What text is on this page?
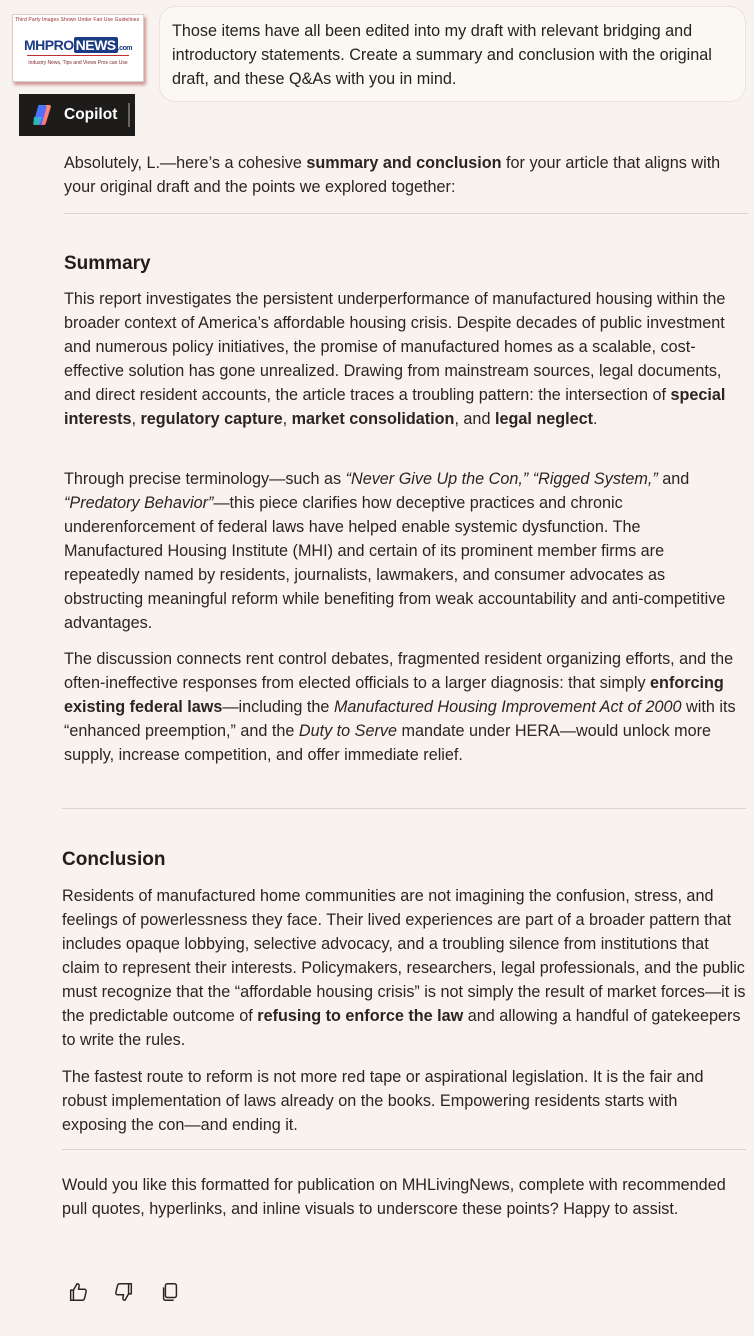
Third Party Images Shown Under Fair Use Guidelines
MHPRO NEWS .com
Industry News, Tips and Views Pros can Use
Those items have all been edited into my draft with relevant bridging and introductory statements. Create a summary and conclusion with the original draft, and these Q&As with you in mind.
Copilot

Absolutely, L.—here’s a cohesive summary and conclusion for your article that aligns with your original draft and the points we explored together:

Summary

This report investigates the persistent underperformance of manufactured housing within the broader context of America’s affordable housing crisis. Despite decades of public investment and numerous policy initiatives, the promise of manufactured homes as a scalable, cost-effective solution has gone unrealized. Drawing from mainstream sources, legal documents, and direct resident accounts, the article traces a troubling pattern: the intersection of special interests, regulatory capture, market consolidation, and legal neglect.

Through precise terminology—such as “Never Give Up the Con,” “Rigged System,” and “Predatory Behavior”—this piece clarifies how deceptive practices and chronic underenforcement of federal laws have helped enable systemic dysfunction. The Manufactured Housing Institute (MHI) and certain of its prominent member firms are repeatedly named by residents, journalists, lawmakers, and consumer advocates as obstructing meaningful reform while benefiting from weak accountability and anti-competitive advantages.

The discussion connects rent control debates, fragmented resident organizing efforts, and the often-ineffective responses from elected officials to a larger diagnosis: that simply enforcing existing federal laws—including the Manufactured Housing Improvement Act of 2000 with its “enhanced preemption,” and the Duty to Serve mandate under HERA—would unlock more supply, increase competition, and offer immediate relief.

Conclusion

Residents of manufactured home communities are not imagining the confusion, stress, and feelings of powerlessness they face. Their lived experiences are part of a broader pattern that includes opaque lobbying, selective advocacy, and a troubling silence from institutions that claim to represent their interests. Policymakers, researchers, legal professionals, and the public must recognize that the “affordable housing crisis” is not simply the result of market forces—it is the predictable outcome of refusing to enforce the law and allowing a handful of gatekeepers to write the rules.

The fastest route to reform is not more red tape or aspirational legislation. It is the fair and robust implementation of laws already on the books. Empowering residents starts with exposing the con—and ending it.

Would you like this formatted for publication on MHLivingNews, complete with recommended pull quotes, hyperlinks, and inline visuals to underscore these points? Happy to assist.
